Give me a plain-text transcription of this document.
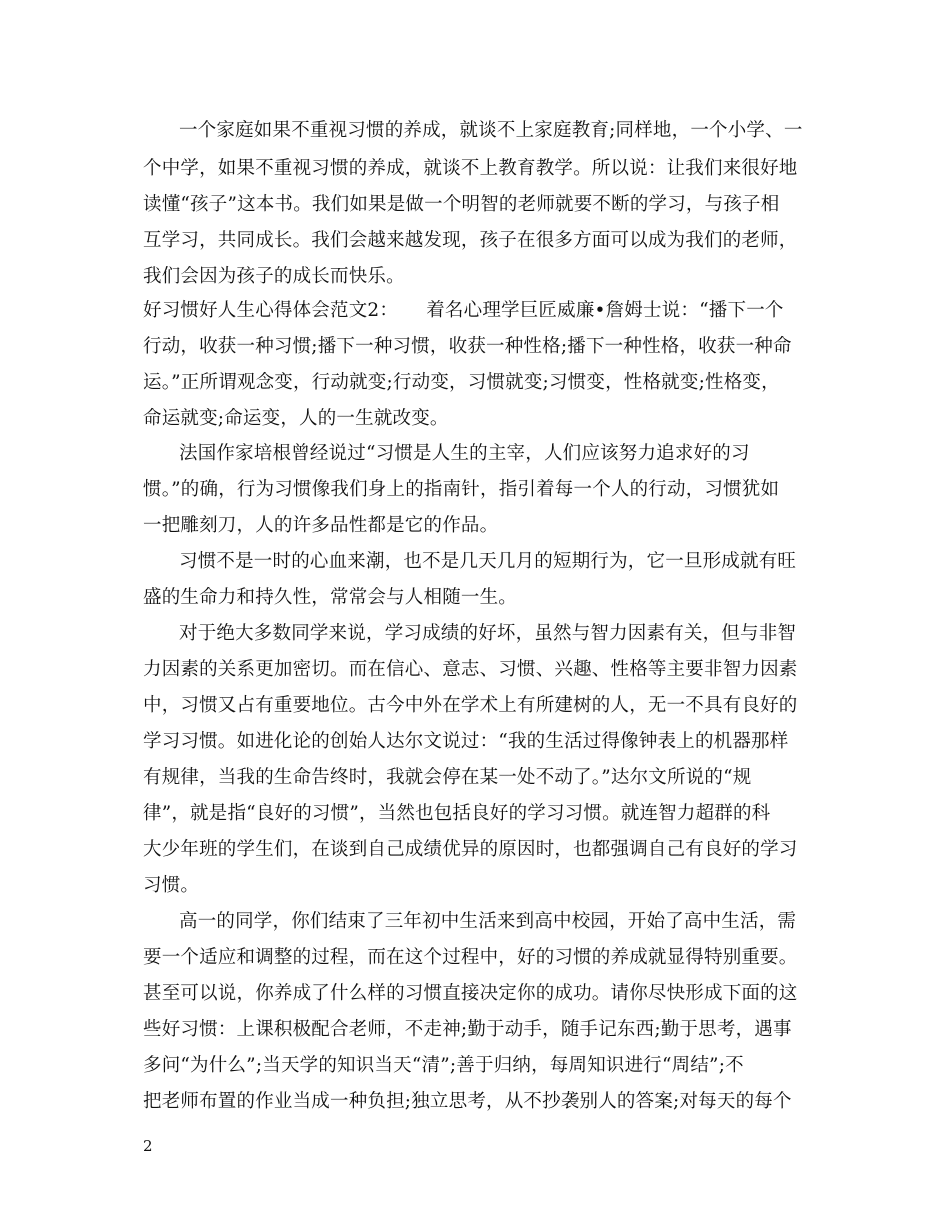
一个家庭如果不重视习惯的养成，就谈不上家庭教育;同样地，一个小学、一
个中学，如果不重视习惯的养成，就谈不上教育教学。所以说：让我们来很好地
读懂“孩子”这本书。我们如果是做一个明智的老师就要不断的学习，与孩子相
互学习，共同成长。我们会越来越发现，孩子在很多方面可以成为我们的老师，
我们会因为孩子的成长而快乐。
好习惯好人生心得体会范文2：　　着名心理学巨匠威廉•詹姆士说：“播下一个
行动，收获一种习惯;播下一种习惯，收获一种性格;播下一种性格，收获一种命
运。”正所谓观念变，行动就变;行动变，习惯就变;习惯变，性格就变;性格变，
命运就变;命运变，人的一生就改变。
法国作家培根曾经说过“习惯是人生的主宰，人们应该努力追求好的习
惯。”的确，行为习惯像我们身上的指南针，指引着每一个人的行动，习惯犹如
一把雕刻刀，人的许多品性都是它的作品。
习惯不是一时的心血来潮，也不是几天几月的短期行为，它一旦形成就有旺
盛的生命力和持久性，常常会与人相随一生。
对于绝大多数同学来说，学习成绩的好坏，虽然与智力因素有关，但与非智
力因素的关系更加密切。而在信心、意志、习惯、兴趣、性格等主要非智力因素
中，习惯又占有重要地位。古今中外在学术上有所建树的人，无一不具有良好的
学习习惯。如进化论的创始人达尔文说过：“我的生活过得像钟表上的机器那样
有规律，当我的生命告终时，我就会停在某一处不动了。”达尔文所说的“规
律”，就是指“良好的习惯”，当然也包括良好的学习习惯。就连智力超群的科
大少年班的学生们，在谈到自己成绩优异的原因时，也都强调自己有良好的学习
习惯。
高一的同学，你们结束了三年初中生活来到高中校园，开始了高中生活，需
要一个适应和调整的过程，而在这个过程中，好的习惯的养成就显得特别重要。
甚至可以说，你养成了什么样的习惯直接决定你的成功。请你尽快形成下面的这
些好习惯：上课积极配合老师，不走神;勤于动手，随手记东西;勤于思考，遇事
多问“为什么”;当天学的知识当天“清”;善于归纳，每周知识进行“周结”;不
把老师布置的作业当成一种负担;独立思考，从不抄袭别人的答案;对每天的每个
2
